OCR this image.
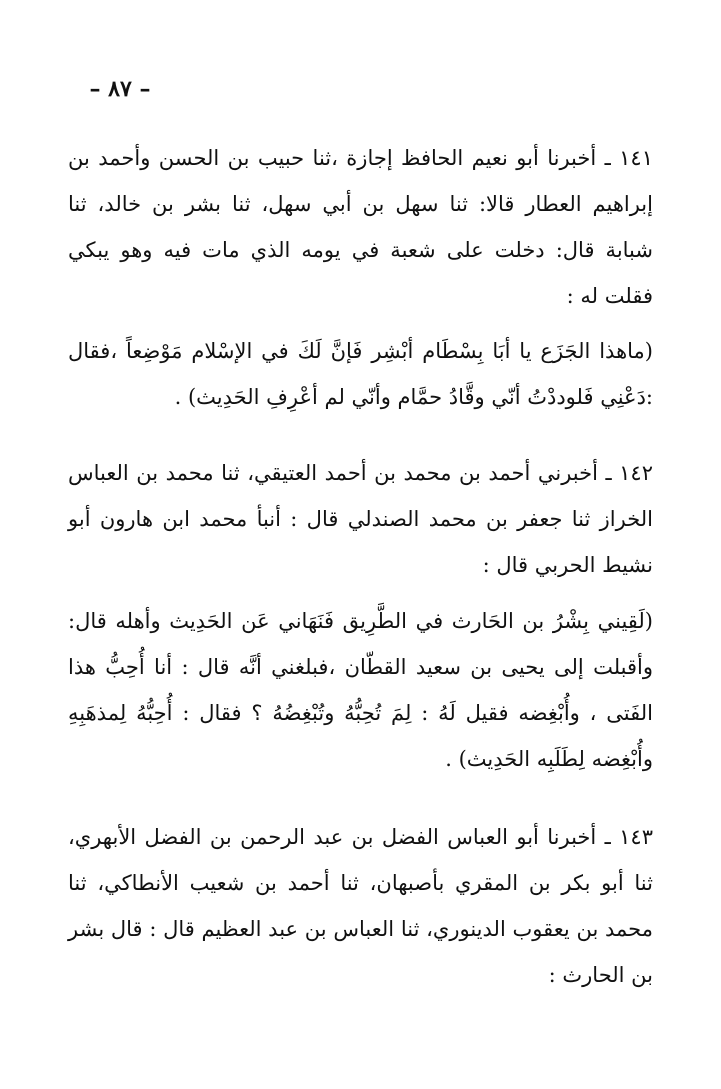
– ٨٧ –
١٤١ ـ أخبرنا أبو نعيم الحافظ إجازة ،ثنا حبيب بن الحسن وأحمد بن إبراهيم العطار قالا: ثنا سهل بن أبي سهل، ثنا بشر بن خالد، ثنا شبابة قال: دخلت على شعبة في يومه الذي مات فيه وهو يبكي فقلت له :
(ماهذا الجَزَع يا أبَا بِسْطَام أبْشِر فَإنَّ لَكَ في الإسْلام مَوْضِعاً ،فقال :دَعْنِي فَلوددْتُ أنّي وقَّادُ حمَّام وأنّي لم أعْرِفِ الحَدِيث) .
١٤٢ ـ أخبرني أحمد بن محمد بن أحمد العتيقي، ثنا محمد بن العباس الخراز ثنا جعفر بن محمد الصندلي قال : أنبأ محمد ابن هارون أبو نشيط الحربي قال :
(لَقِيني بِشْرُ بن الحَارث في الطَّرِيق فَنَهَاني عَن الحَدِيث وأهله قال: وأقبلت إلى يحيى بن سعيد القطّان ،فبلغني أنَّه قال : أنا أُحِبُّ هذا الفَتى ، وأُبْغِضه فقيل لَهُ : لِمَ تُحِبُّهُ وتُبْغِضُهُ ؟ فقال : أُحِبُّهُ لِمذهَبِهِ وأُبْغِضه لِطَلَبِه الحَدِيث) .
١٤٣ ـ أخبرنا أبو العباس الفضل بن عبد الرحمن بن الفضل الأبهري، ثنا أبو بكر بن المقري بأصبهان، ثنا أحمد بن شعيب الأنطاكي، ثنا محمد بن يعقوب الدينوري، ثنا العباس بن عبد العظيم قال : قال بشر بن الحارث :
